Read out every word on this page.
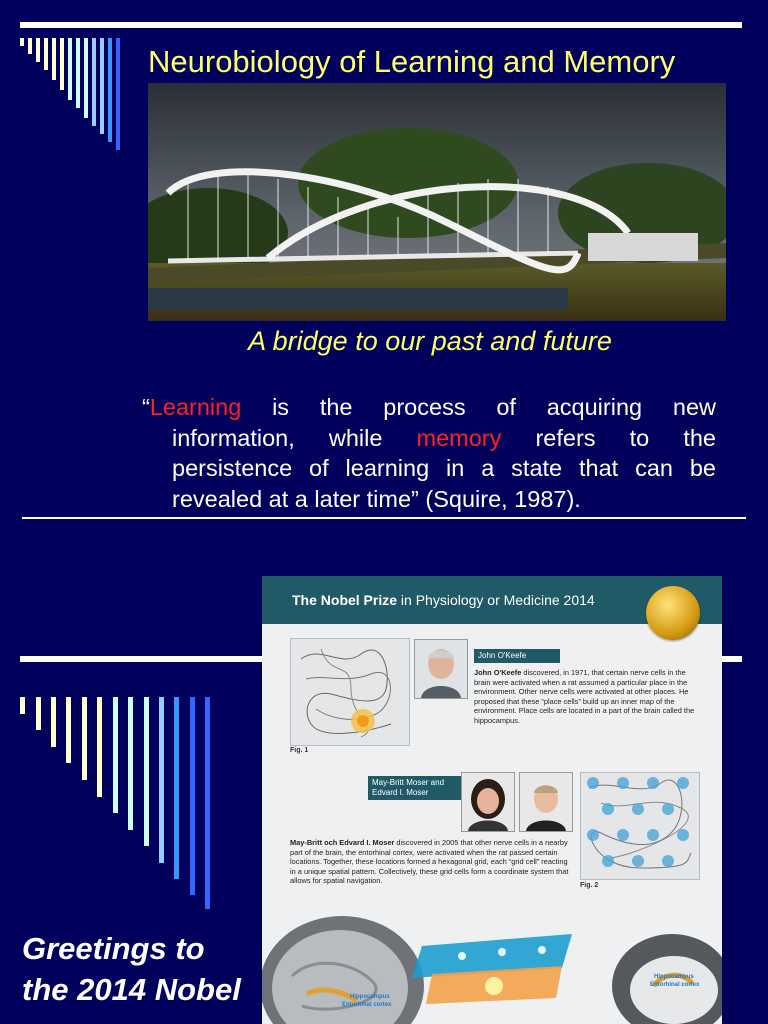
Neurobiology of Learning and Memory
A bridge to our past and future
“Learning is the process of acquiring new
information, while memory refers to the
persistence of learning in a state that can be
revealed at a later time” (Squire, 1987).
The Nobel Prize in Physiology or Medicine 2014
Fig. 1
John O'Keefe
John O'Keefe discovered, in 1971, that certain nerve cells in the brain were activated when a rat assumed a particular place in the environment. Other nerve cells were activated at other places. He proposed that these “place cells” build up an inner map of the environment. Place cells are located in a part of the brain called the hippocampus.
May-Britt Moser and
Edvard I. Moser
May-Britt och Edvard I. Moser discovered in 2005 that other nerve cells in a nearby part of the brain, the entorhinal cortex, were activated when the rat passed certain locations. Together, these locations formed a hexagonal grid, each “grid cell” reacting in a unique spatial pattern. Collectively, these grid cells form a coordinate system that allows for spatial navigation.
Fig. 2
Hippocampus
Entorhinal cortex
Hippocampus
Entorhinal cortex
Greetings to the 2014 Nobel
